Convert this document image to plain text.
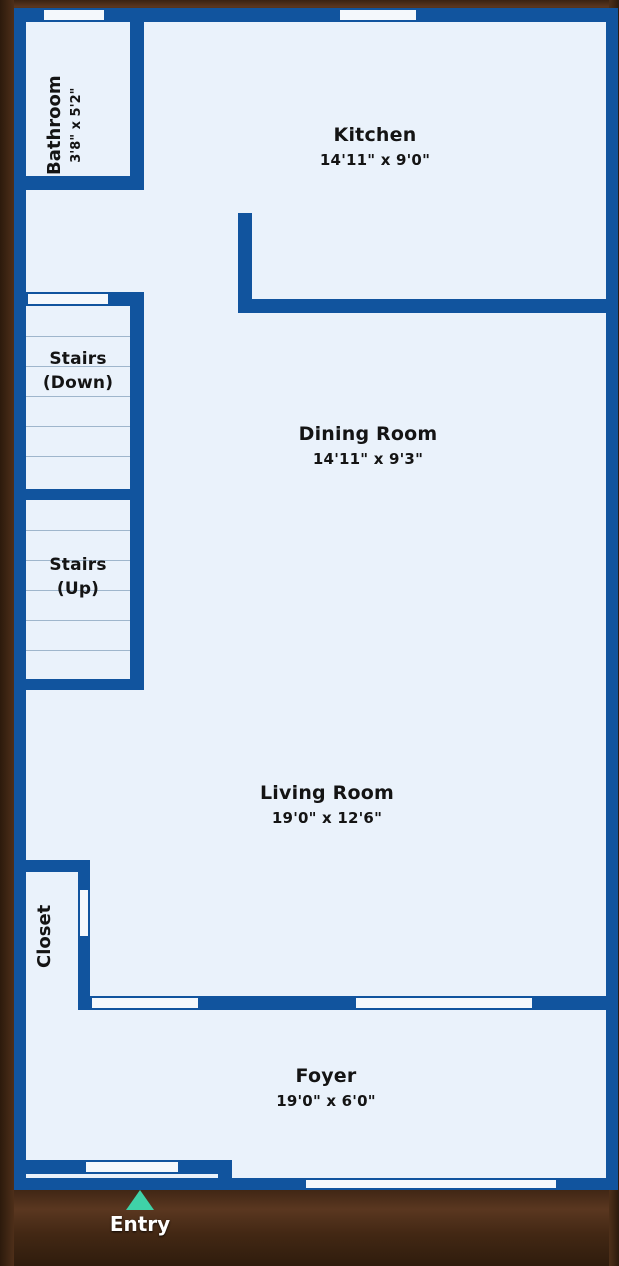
Bathroom 3'8" x 5'2"	Kitchen
14'11" x 9'0"
Stairs
(Down)
Stairs
(Up)
Dining Room
14'11" x 9'3"
Living Room
19'0" x 12'6"
Closet
Foyer
19'0" x 6'0"
Entry
